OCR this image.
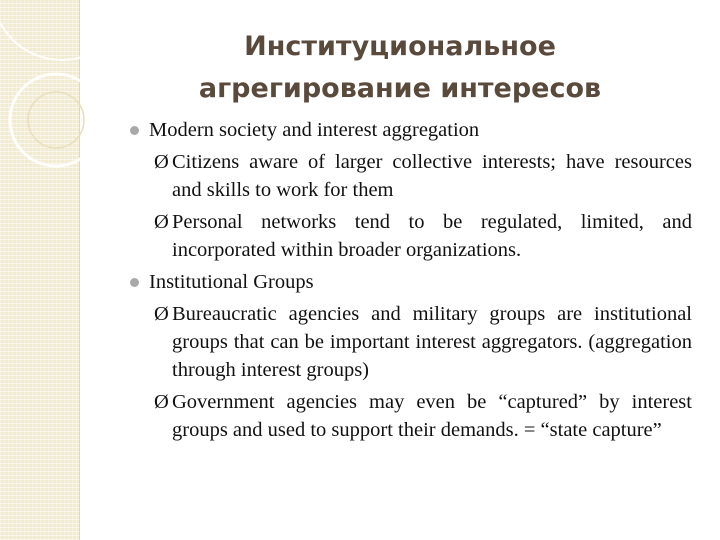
Институциональное
агрегирование интересов
Modern society and interest aggregation
Ø Citizens aware of larger collective interests; have resources and skills to work for them
Ø Personal networks tend to be regulated, limited, and incorporated within broader organizations.
Institutional Groups
Ø Bureaucratic agencies and military groups are institutional groups that can be important interest aggregators. (aggregation through interest groups)
Ø Government agencies may even be “captured” by interest groups and used to support their demands. = “state capture”
